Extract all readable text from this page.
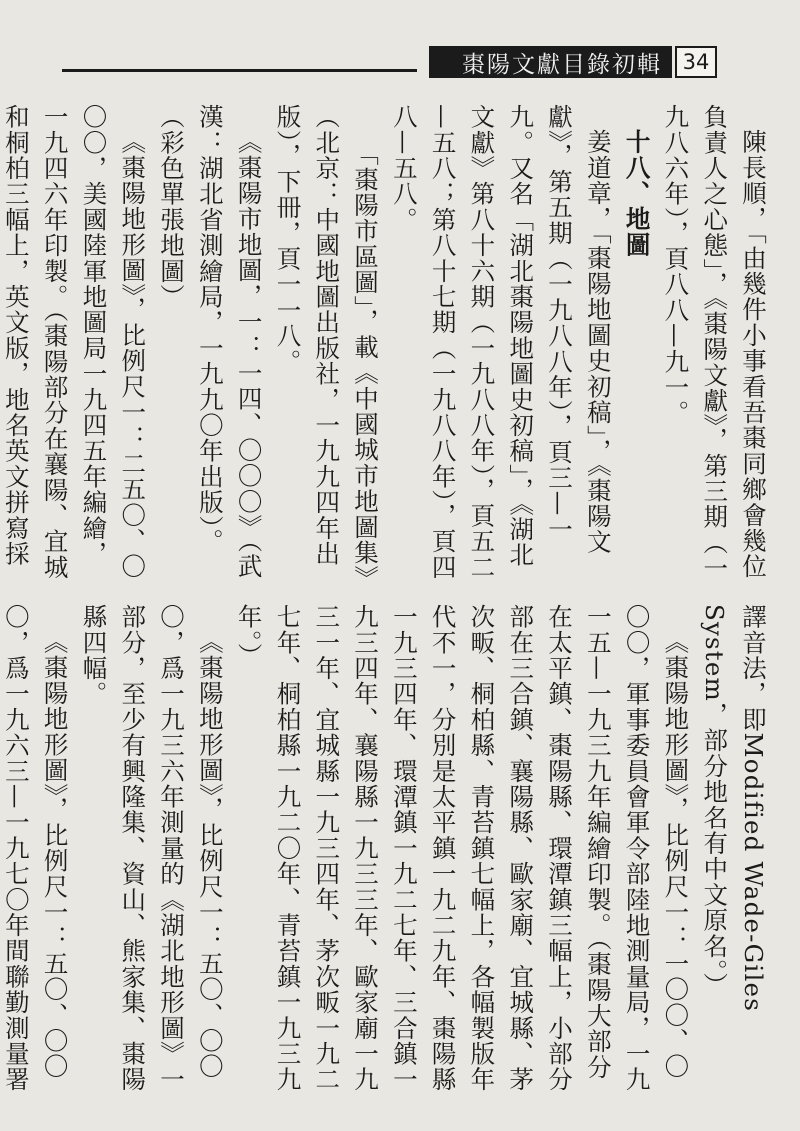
棗陽文獻目錄初輯 34

陳長順，「由幾件小事看吾棗同鄉會幾位負責人之心態」，《棗陽文獻》，第三期（一九八六年），頁八八—九一。

十八、地圖

姜道章，「棗陽地圖史初稿」，《棗陽文獻》，第五期（一九八八年），頁三—一九。又名「湖北棗陽地圖史初稿」，《湖北文獻》第八十六期（一九八八年），頁五二—五八；第八十七期（一九八八年），頁四八—五八。

「棗陽市區圖」，載《中國城市地圖集》（北京：中國地圖出版社，一九九四年出版），下冊，頁一一八。

《棗陽市地圖，一：一四、〇〇〇》（武漢：湖北省測繪局，一九九〇年出版）。（彩色單張地圖）

《棗陽地形圖》，比例尺一：二五〇、〇〇〇，美國陸軍地圖局一九四五年編繪，一九四六年印製。（棗陽部分在襄陽、宜城和桐柏三幅上，英文版，地名英文拼寫採

譯音法，即Modified Wade-Giles System，部分地名有中文原名。）

《棗陽地形圖》，比例尺一：一〇〇、〇〇〇，軍事委員會軍令部陸地測量局，一九一五—一九三九年編繪印製。（棗陽大部分在太平鎮、棗陽縣、環潭鎮三幅上，小部分部在三合鎮、襄陽縣、歐家廟、宜城縣、茅次畈、桐柏縣、青苔鎮七幅上，各幅製版年代不一，分別是太平鎮一九二九年、棗陽縣一九三四年、環潭鎮一九二七年、三合鎮一九三四年、襄陽縣一九三三年、歐家廟一九三一年、宜城縣一九三四年、茅次畈一九二七年、桐柏縣一九二〇年、青苔鎮一九三九年。）

《棗陽地形圖》，比例尺一：五〇、〇〇〇，爲一九三六年測量的《湖北地形圖》一部分，至少有興隆集、資山、熊家集、棗陽縣四幅。

《棗陽地形圖》，比例尺一：五〇、〇〇〇，爲一九六三—一九七〇年間聯勤測量署
